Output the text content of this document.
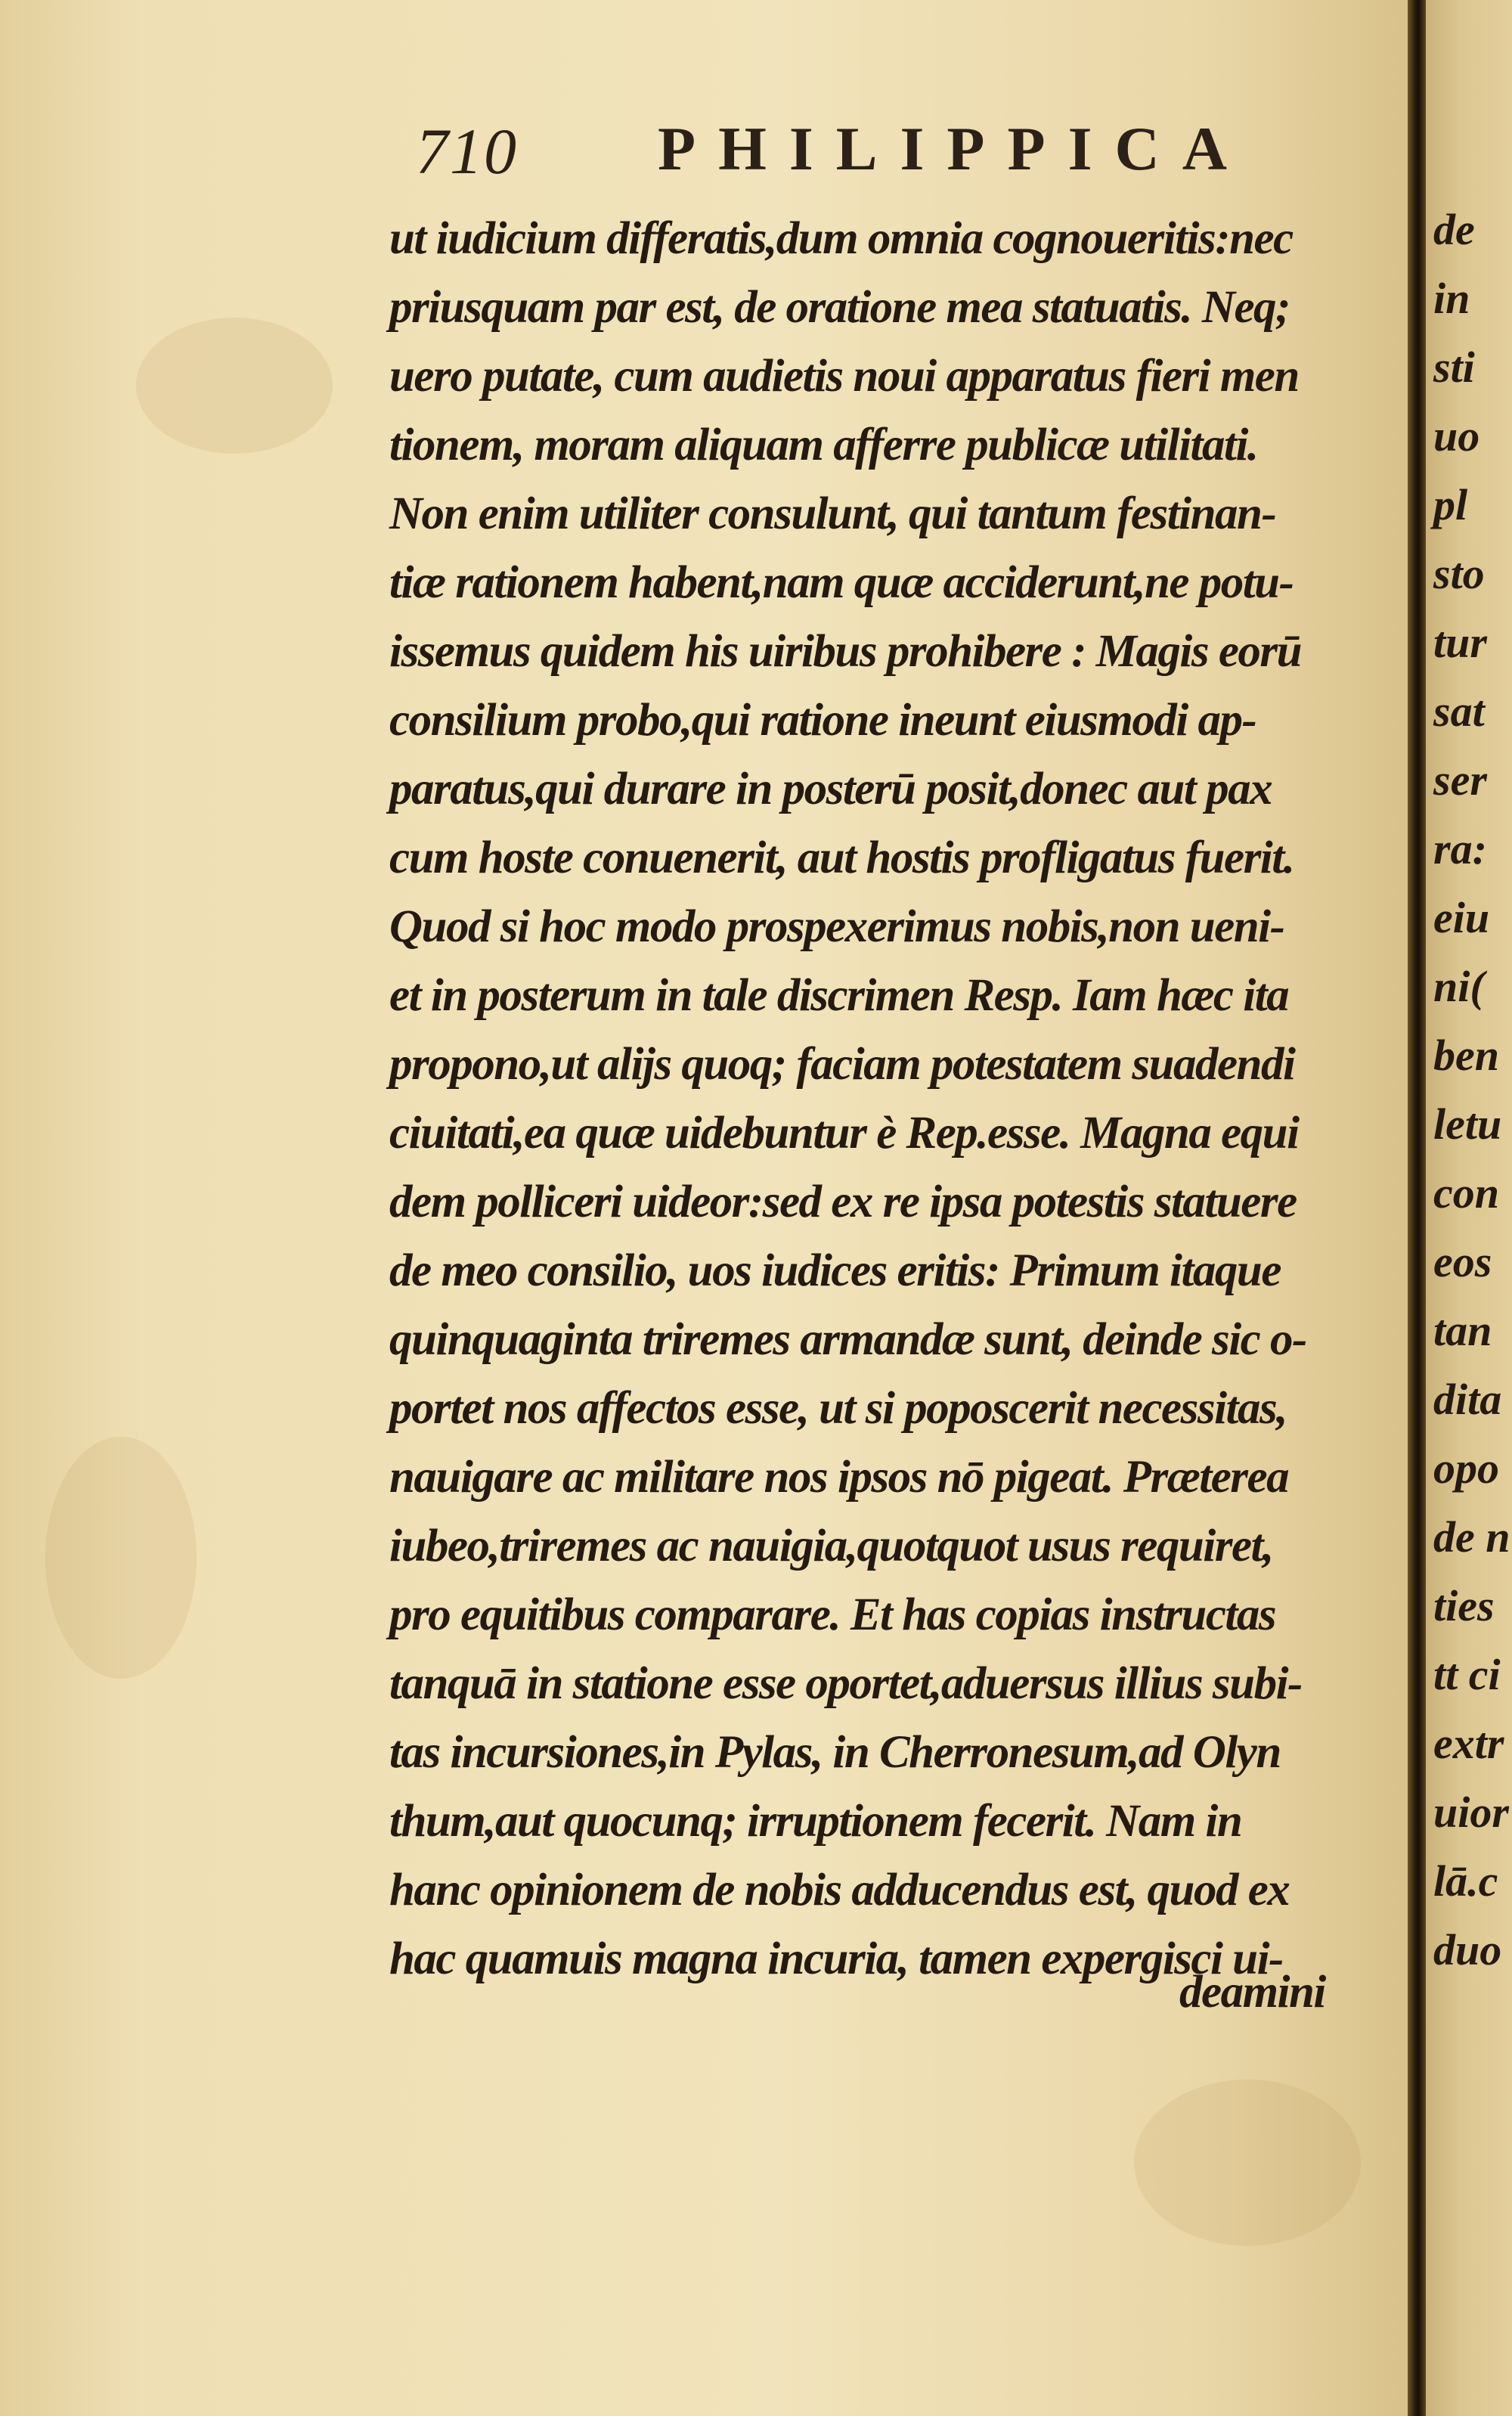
710 PHILIPPICA
ut iudicium differatis,dum omnia cognoueritis:nec
priusquam par est, de oratione mea statuatis. Neq;
uero putate, cum audietis noui apparatus fieri men
tionem, moram aliquam afferre publicæ utilitati.
Non enim utiliter consulunt, qui tantum festinan-
tiæ rationem habent,nam quæ acciderunt,ne potu-
issemus quidem his uiribus prohibere : Magis eorū
consilium probo,qui ratione ineunt eiusmodi ap-
paratus,qui durare in posterū posit,donec aut pax
cum hoste conuenerit, aut hostis profligatus fuerit.
Quod si hoc modo prospexerimus nobis,non ueni-
et in posterum in tale discrimen Resp. Iam hæc ita
propono,ut alijs quoq; faciam potestatem suadendi
ciuitati,ea quæ uidebuntur è Rep.esse. Magna equi
dem polliceri uideor:sed ex re ipsa potestis statuere
de meo consilio, uos iudices eritis: Primum itaque
quinquaginta triremes armandæ sunt, deinde sic o-
portet nos affectos esse, ut si poposcerit necessitas,
nauigare ac militare nos ipsos nō pigeat. Præterea
iubeo,triremes ac nauigia,quotquot usus requiret,
pro equitibus comparare. Et has copias instructas
tanquā in statione esse oportet,aduersus illius subi-
tas incursiones,in Pylas, in Cherronesum,ad Olyn
thum,aut quocunq; irruptionem fecerit. Nam in
hanc opinionem de nobis adducendus est, quod ex
hac quamuis magna incuria, tamen expergisci ui-
deamini
de
in
sti
uo
pl
sto
tur
sat
ser
ra:
eiu
ni(
ben
letu
con
eos
tan
dita
opo
de n
ties
tt ci
extr
uior
lā.c
duo
